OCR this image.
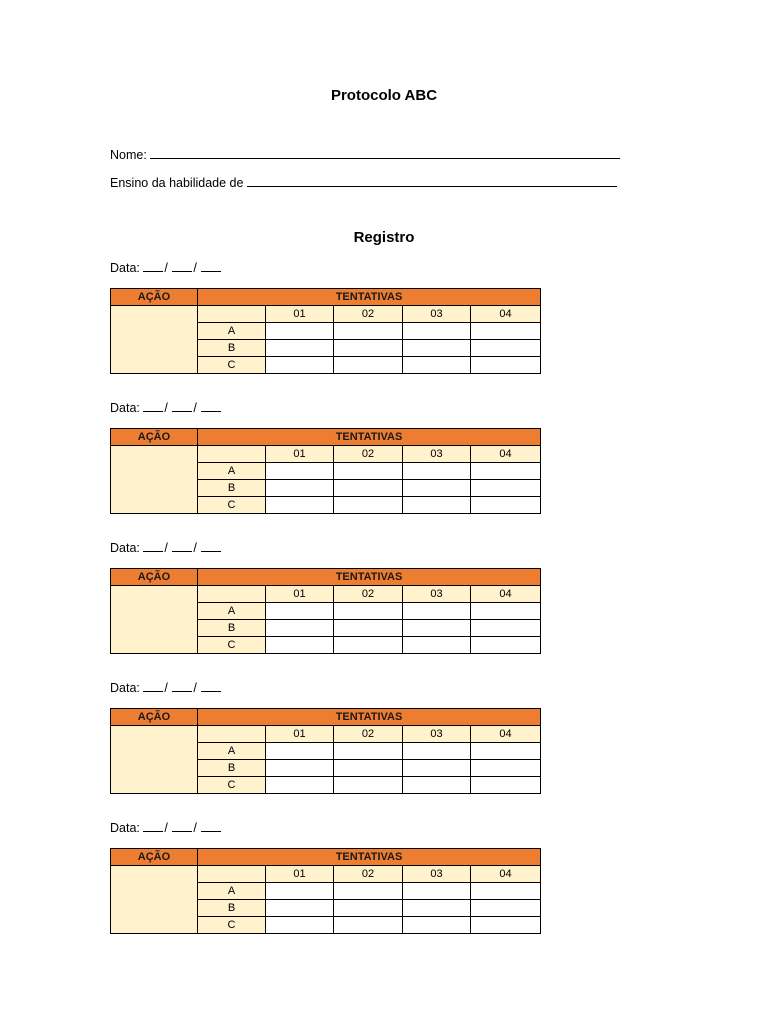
Protocolo ABC
Nome:
Ensino da habilidade de
Registro
Data: / /
AÇÃO	TENTATIVAS				
		01	02	03	04
	A				
	B				
	C				
Data: / /
AÇÃO	TENTATIVAS				
		01	02	03	04
	A				
	B				
	C				
Data: / /
AÇÃO	TENTATIVAS				
		01	02	03	04
	A				
	B				
	C				
Data: / /
AÇÃO	TENTATIVAS				
		01	02	03	04
	A				
	B				
	C				
Data: / /
AÇÃO	TENTATIVAS				
		01	02	03	04
	A				
	B				
	C				
